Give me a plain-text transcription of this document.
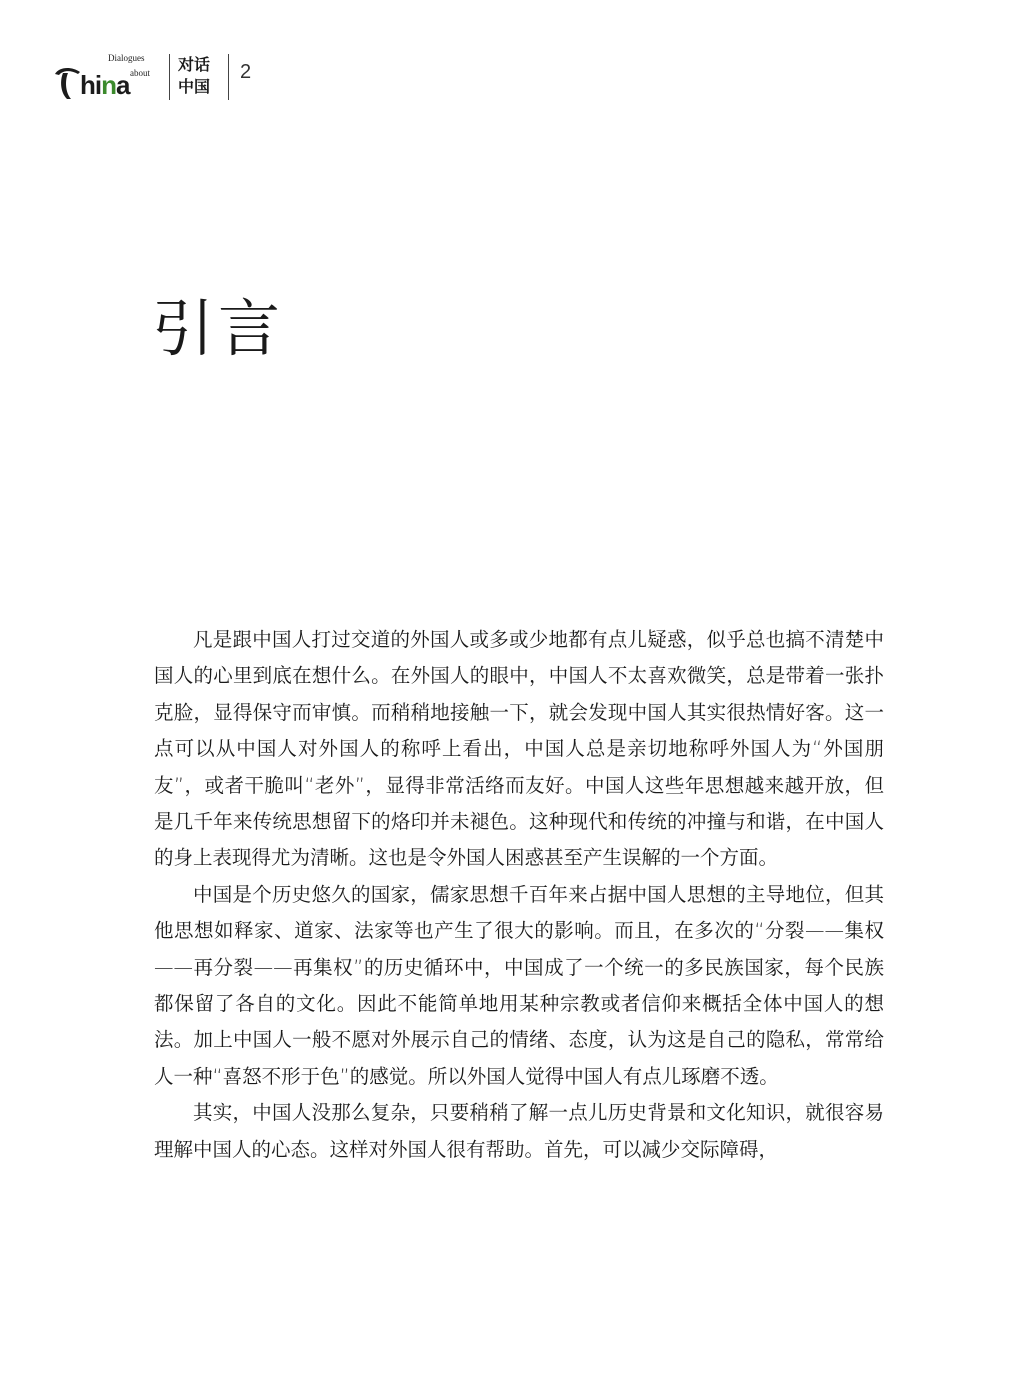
Dialogues
about
hina
对话
中国
2
引言

凡是跟中国人打过交道的外国人或多或少地都有点儿疑惑，似乎总也搞不清楚中国人的心里到底在想什么。在外国人的眼中，中国人不太喜欢微笑，总是带着一张扑克脸，显得保守而审慎。而稍稍地接触一下，就会发现中国人其实很热情好客。这一点可以从中国人对外国人的称呼上看出，中国人总是亲切地称呼外国人为“外国朋友”，或者干脆叫“老外”，显得非常活络而友好。中国人这些年思想越来越开放，但是几千年来传统思想留下的烙印并未褪色。这种现代和传统的冲撞与和谐，在中国人的身上表现得尤为清晰。这也是令外国人困惑甚至产生误解的一个方面。

中国是个历史悠久的国家，儒家思想千百年来占据中国人思想的主导地位，但其他思想如释家、道家、法家等也产生了很大的影响。而且，在多次的“分裂——集权——再分裂——再集权”的历史循环中，中国成了一个统一的多民族国家，每个民族都保留了各自的文化。因此不能简单地用某种宗教或者信仰来概括全体中国人的想法。加上中国人一般不愿对外展示自己的情绪、态度，认为这是自己的隐私，常常给人一种“喜怒不形于色”的感觉。所以外国人觉得中国人有点儿琢磨不透。

其实，中国人没那么复杂，只要稍稍了解一点儿历史背景和文化知识，就很容易理解中国人的心态。这样对外国人很有帮助。首先，可以减少交际障碍，
